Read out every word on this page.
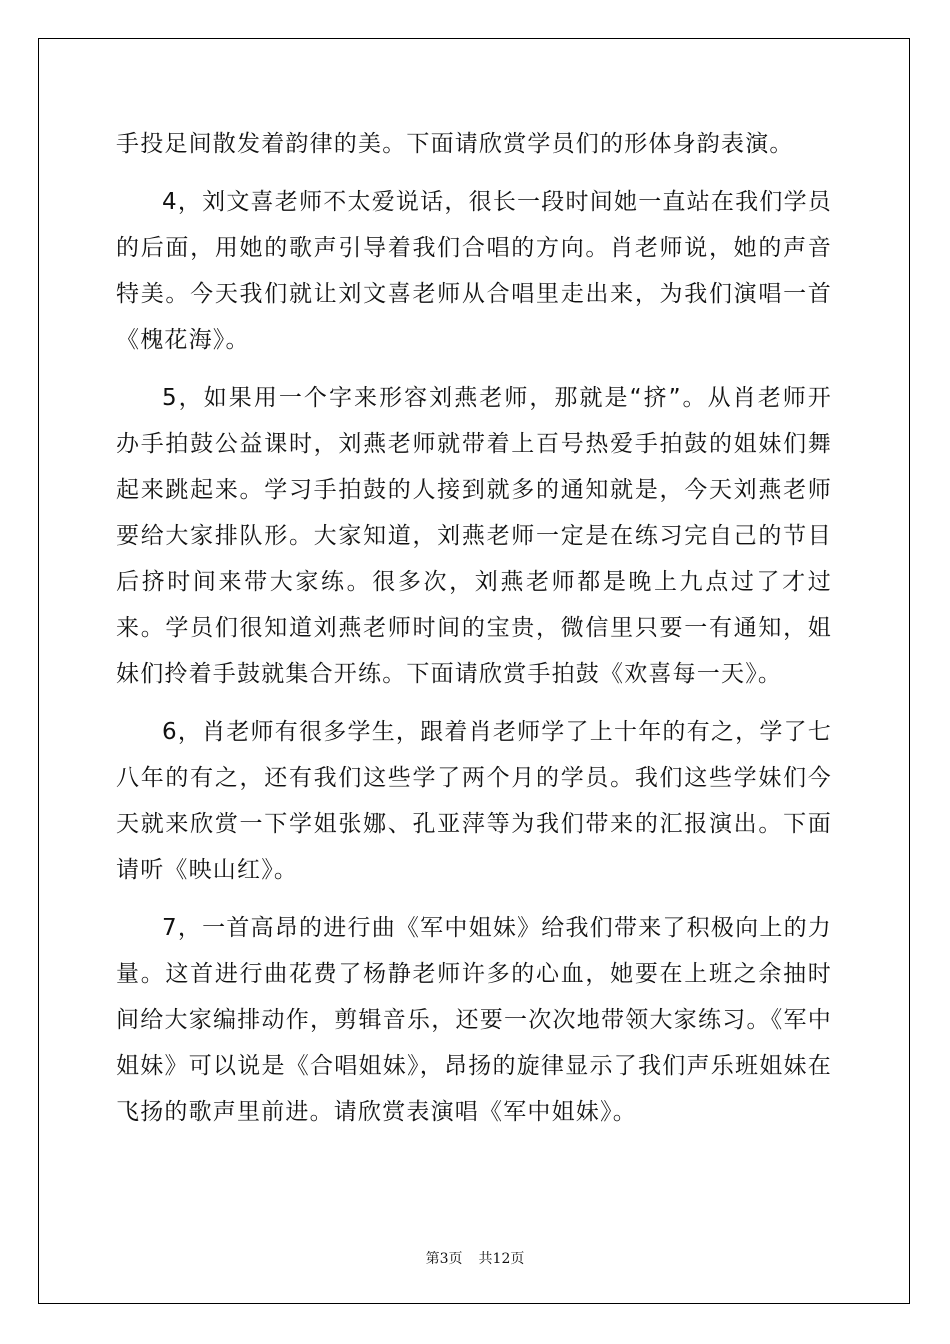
手投足间散发着韵律的美。下面请欣赏学员们的形体身韵表演。

4，刘文喜老师不太爱说话，很长一段时间她一直站在我们学员的后面，用她的歌声引导着我们合唱的方向。肖老师说，她的声音特美。今天我们就让刘文喜老师从合唱里走出来，为我们演唱一首《槐花海》。

5，如果用一个字来形容刘燕老师，那就是“挤”。从肖老师开办手拍鼓公益课时，刘燕老师就带着上百号热爱手拍鼓的姐妹们舞起来跳起来。学习手拍鼓的人接到就多的通知就是，今天刘燕老师要给大家排队形。大家知道，刘燕老师一定是在练习完自己的节目后挤时间来带大家练。很多次，刘燕老师都是晚上九点过了才过来。学员们很知道刘燕老师时间的宝贵，微信里只要一有通知，姐妹们拎着手鼓就集合开练。下面请欣赏手拍鼓《欢喜每一天》。

6，肖老师有很多学生，跟着肖老师学了上十年的有之，学了七八年的有之，还有我们这些学了两个月的学员。我们这些学妹们今天就来欣赏一下学姐张娜、孔亚萍等为我们带来的汇报演出。下面请听《映山红》。

7，一首高昂的进行曲《军中姐妹》给我们带来了积极向上的力量。这首进行曲花费了杨静老师许多的心血，她要在上班之余抽时间给大家编排动作，剪辑音乐，还要一次次地带领大家练习。《军中姐妹》可以说是《合唱姐妹》，昂扬的旋律显示了我们声乐班姐妹在飞扬的歌声里前进。请欣赏表演唱《军中姐妹》。

第3页 共12页
